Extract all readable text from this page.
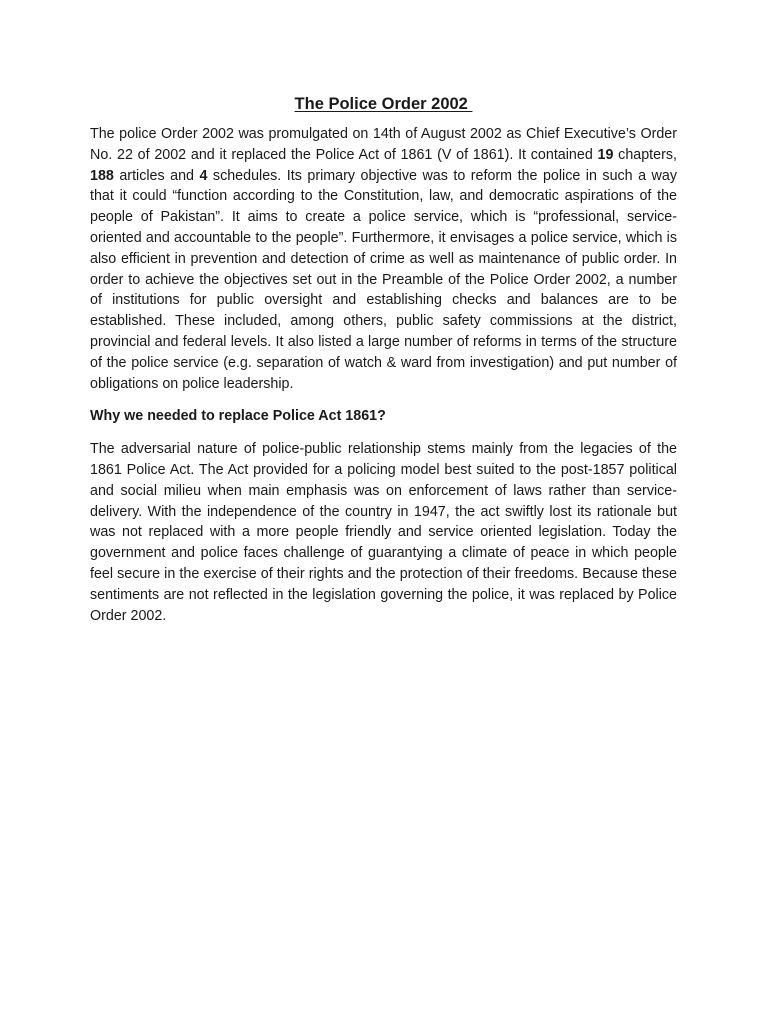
The Police Order 2002

The police Order 2002 was promulgated on 14th of August 2002 as Chief Executive’s Order No. 22 of 2002 and it replaced the Police Act of 1861 (V of 1861). It contained 19 chapters, 188 articles and 4 schedules. Its primary objective was to reform the police in such a way that it could “function according to the Constitution, law, and democratic aspirations of the people of Pakistan”. It aims to create a police service, which is “professional, service-oriented and accountable to the people”. Furthermore, it envisages a police service, which is also efficient in prevention and detection of crime as well as maintenance of public order. In order to achieve the objectives set out in the Preamble of the Police Order 2002, a number of institutions for public oversight and establishing checks and balances are to be established. These included, among others, public safety commissions at the district, provincial and federal levels. It also listed a large number of reforms in terms of the structure of the police service (e.g. separation of watch & ward from investigation) and put number of obligations on police leadership.

Why we needed to replace Police Act 1861?

The adversarial nature of police-public relationship stems mainly from the legacies of the 1861 Police Act. The Act provided for a policing model best suited to the post-1857 political and social milieu when main emphasis was on enforcement of laws rather than service-delivery. With the independence of the country in 1947, the act swiftly lost its rationale but was not replaced with a more people friendly and service oriented legislation. Today the government and police faces challenge of guarantying a climate of peace in which people feel secure in the exercise of their rights and the protection of their freedoms. Because these sentiments are not reflected in the legislation governing the police, it was replaced by Police Order 2002.
